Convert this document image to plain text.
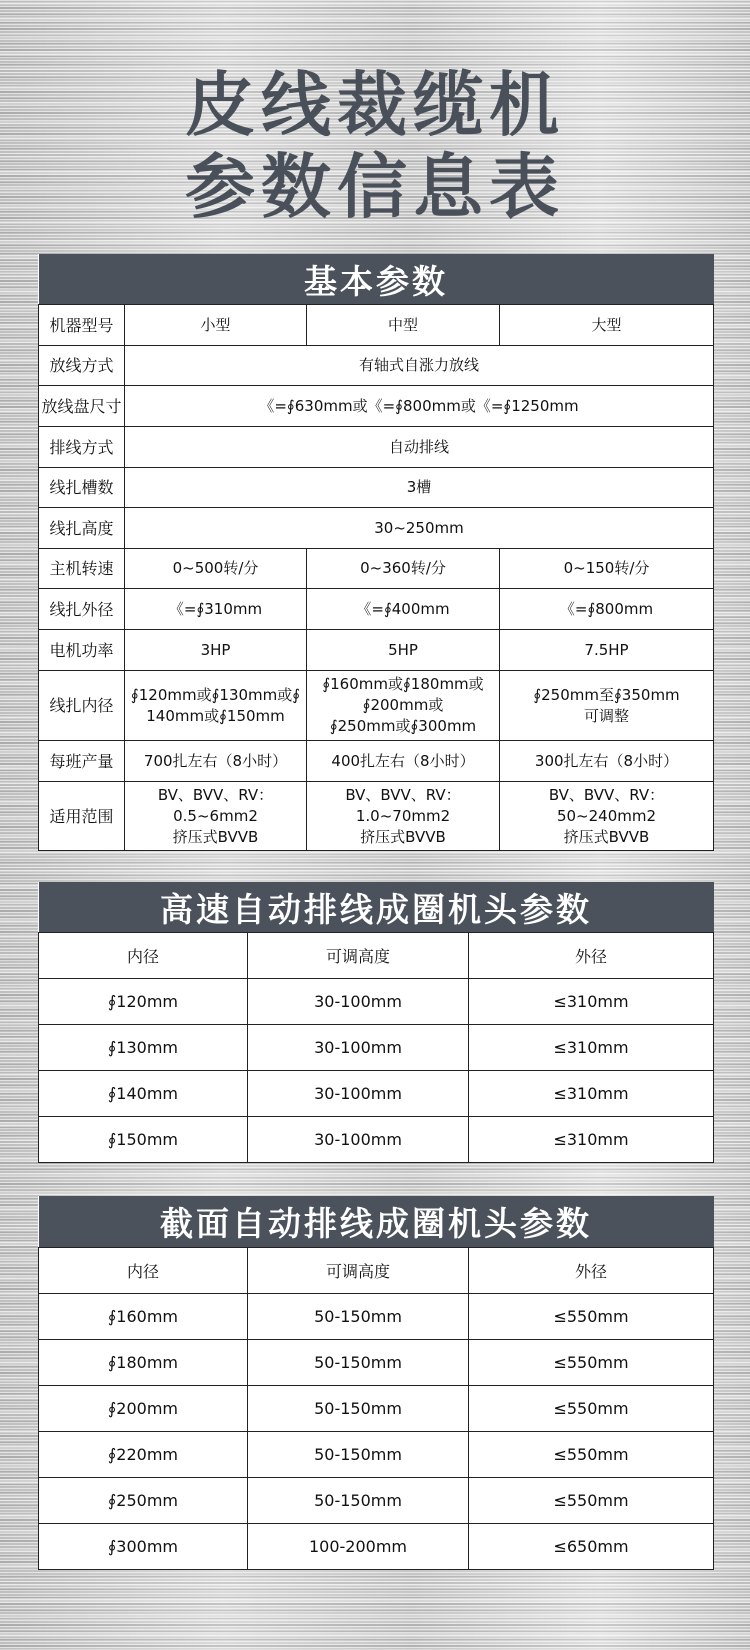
皮线裁缆机
参数信息表
基本参数			
机器型号	小型	中型	大型
放线方式	有轴式自涨力放线		
放线盘尺寸	《=∮630mm或《=∮800mm或《=∮1250mm		
排线方式	自动排线		
线扎槽数	3槽		
线扎高度	30~250mm		
主机转速	0~500转/分	0~360转/分	0~150转/分
线扎外径	《=∮310mm	《=∮400mm	《=∮800mm
电机功率	3HP	5HP	7.5HP
线扎内径	∮120mm或∮130mm或∮
140mm或∮150mm	∮160mm或∮180mm或
∮200mm或
∮250mm或∮300mm	∮250mm至∮350mm
可调整

每班产量	700扎左右（8小时）	400扎左右（8小时）	300扎左右（8小时）
适用范围	BV、BVV、RV：
0.5~6mm2
挤压式BVVB	BV、BVV、RV：
1.0~70mm2
挤压式BVVB	BV、BVV、RV：50~240mm2
挤压式BVVB
高速自动排线成圈机头参数		
内径	可调高度	外径
∮120mm	30-100mm	≤310mm
∮130mm	30-100mm	≤310mm
∮140mm	30-100mm	≤310mm
∮150mm	30-100mm	≤310mm
截面自动排线成圈机头参数		
内径	可调高度	外径
∮160mm	50-150mm	≤550mm
∮180mm	50-150mm	≤550mm
∮200mm	50-150mm	≤550mm
∮220mm	50-150mm	≤550mm
∮250mm	50-150mm	≤550mm
∮300mm	100-200mm	≤650mm
